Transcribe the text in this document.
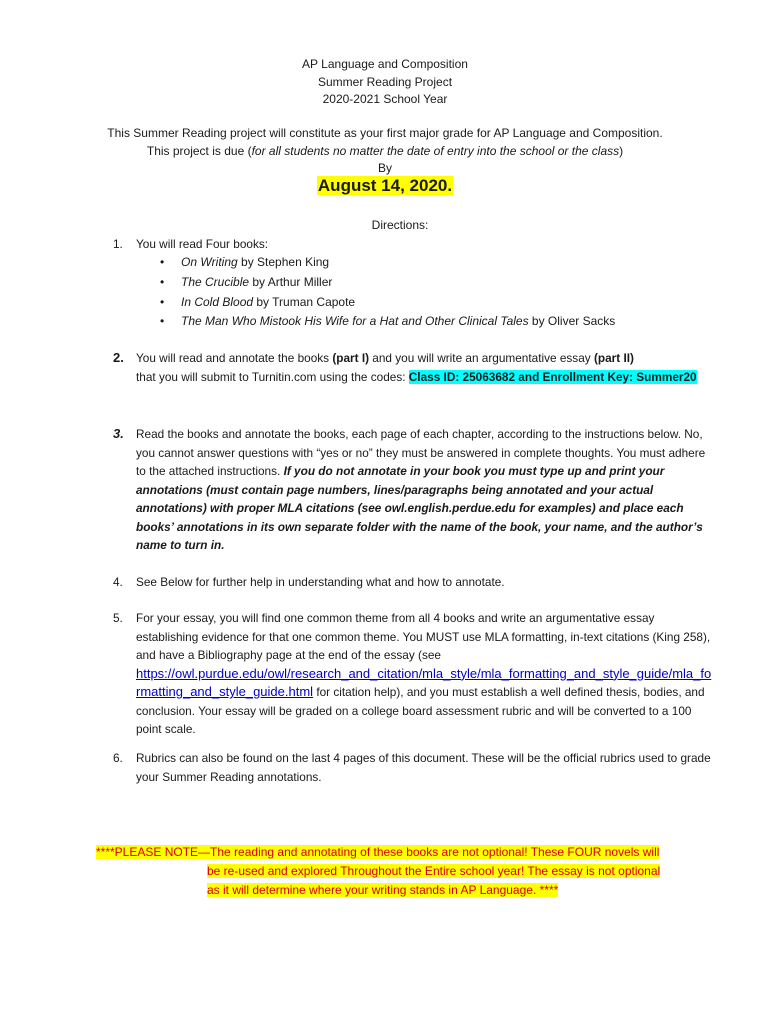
AP Language and Composition
Summer Reading Project
2020-2021 School Year
This Summer Reading project will constitute as your first major grade for AP Language and Composition.
This project is due (for all students no matter the date of entry into the school or the class)
By
August 14, 2020.
Directions:
1.	You will read Four books:
• On Writing by Stephen King
• The Crucible by Arthur Miller
• In Cold Blood by Truman Capote
• The Man Who Mistook His Wife for a Hat and Other Clinical Tales by Oliver Sacks
2.	You will read and annotate the books (part I) and you will write an argumentative essay (part II)
that you will submit to Turnitin.com using the codes: Class ID: 25063682 and Enrollment Key: Summer20
3.	Read the books and annotate the books, each page of each chapter, according to the instructions below. No, you cannot answer questions with “yes or no” they must be answered in complete thoughts. You must adhere to the attached instructions. If you do not annotate in your book you must type up and print your annotations (must contain page numbers, lines/paragraphs being annotated and your actual annotations) with proper MLA citations (see owl.english.perdue.edu for examples) and place each books’ annotations in its own separate folder with the name of the book, your name, and the author’s name to turn in.
4.	See Below for further help in understanding what and how to annotate.
5.	For your essay, you will find one common theme from all 4 books and write an argumentative essay establishing evidence for that one common theme. You MUST use MLA formatting, in-text citations (King 258), and have a Bibliography page at the end of the essay (see https://owl.purdue.edu/owl/research_and_citation/mla_style/mla_formatting_and_style_guide/mla_formatting_and_style_guide.html for citation help), and you must establish a well defined thesis, bodies, and conclusion. Your essay will be graded on a college board assessment rubric and will be converted to a 100 point scale.
6.	Rubrics can also be found on the last 4 pages of this document. These will be the official rubrics used to grade your Summer Reading annotations.
****PLEASE NOTE—The reading and annotating of these books are not optional! These FOUR novels will
be re-used and explored Throughout the Entire school year! The essay is not optional
as it will determine where your writing stands in AP Language. ****
